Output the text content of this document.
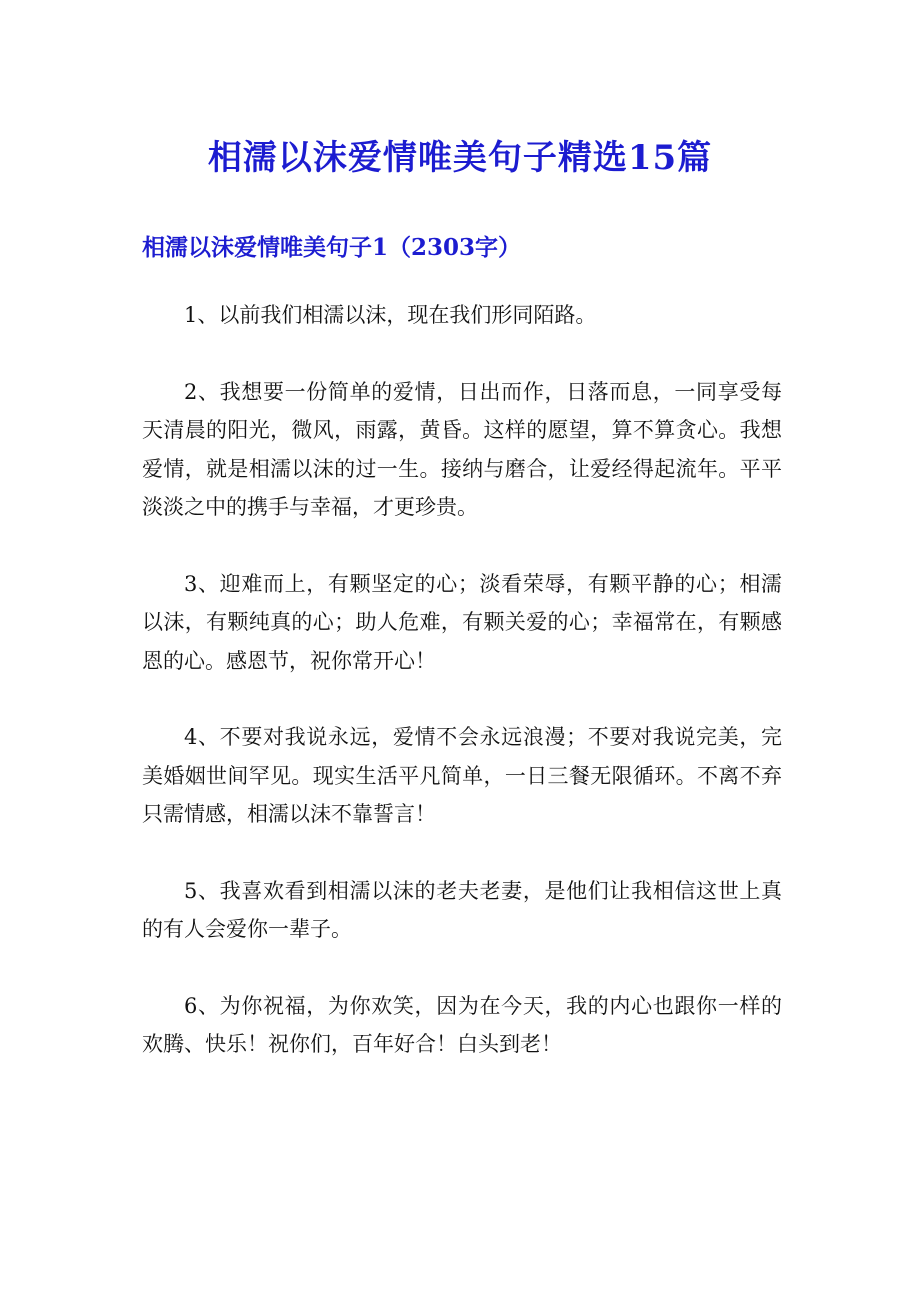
相濡以沫爱情唯美句子精选15篇
相濡以沫爱情唯美句子1（2303字）

1、以前我们相濡以沫，现在我们形同陌路。

2、我想要一份简单的爱情，日出而作，日落而息，一同享受每天清晨的阳光，微风，雨露，黄昏。这样的愿望，算不算贪心。我想爱情，就是相濡以沫的过一生。接纳与磨合，让爱经得起流年。平平淡淡之中的携手与幸福，才更珍贵。

3、迎难而上，有颗坚定的心；淡看荣辱，有颗平静的心；相濡以沫，有颗纯真的心；助人危难，有颗关爱的心；幸福常在，有颗感恩的心。感恩节，祝你常开心！

4、不要对我说永远，爱情不会永远浪漫；不要对我说完美，完美婚姻世间罕见。现实生活平凡简单，一日三餐无限循环。不离不弃只需情感，相濡以沫不靠誓言！

5、我喜欢看到相濡以沫的老夫老妻，是他们让我相信这世上真的有人会爱你一辈子。

6、为你祝福，为你欢笑，因为在今天，我的内心也跟你一样的欢腾、快乐！祝你们，百年好合！白头到老！
